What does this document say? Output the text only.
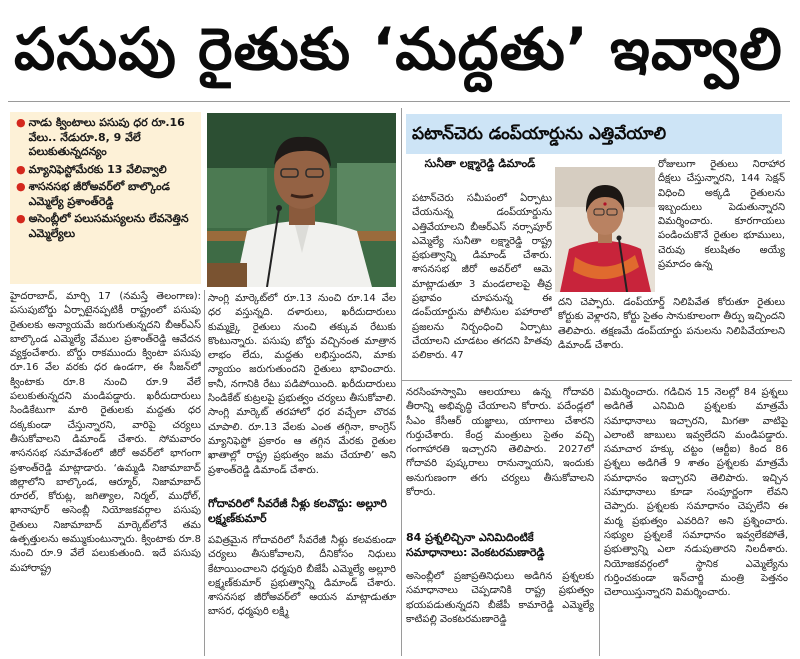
పసుపు రైతుకు ‘మద్దతు’ ఇవ్వాలి
● నాడు క్వింటాలు పసుపు ధర రూ.16 వేలు.. నేడురూ.8, 9 వేలే పలుకుతున్నదన్యం
● మ్యానిఫెస్టోమేరకు 13 వేలివ్వాలి
● శాసనసభ జీరోఅవర్‌లో బాల్కొండ ఎమ్మెల్యే ప్రశాంత్‌రెడ్డి
● అసెంబ్లీలో పలుసమస్యలను లేవనెత్తిన ఎమ్మెల్యేలు
పటాన్‌చెరు డంప్‌యార్డును ఎత్తివేయాలి
సునీతా లక్ష్మారెడ్డి డిమాండ్‌
పటాన్‌చెరు సమీపంలో ఏర్పాటు చేయనున్న డంప్‌యార్డును ఎత్తివేయాలని బీఆర్‌ఎస్‌ నర్సాపూర్‌ ఎమ్మెల్యే సునీతా లక్ష్మారెడ్డి రాష్ట్ర ప్రభుత్వాన్ని డిమాండ్‌ చేశారు. శాసనసభ జీరో అవర్‌లో ఆమె మాట్లాడుతూ 3 మండలాలపై తీవ్ర ప్రభావం చూపనున్న ఈ డంప్‌యార్డును పోలీసుల పహారాలో ప్రజలను నిర్బంధించి ఏర్పాటు చేయాలని చూడటం తగదని హితవు పలికారు. 47
రోజులుగా రైతులు నిరాహార దీక్షలు చేస్తున్నారని, 144 సెక్షన్‌ విధించి అక్కడి రైతులను ఇబ్బందులు పెడుతున్నారని విమర్శించారు. కూరగాయలు పండించుకొనే రైతుల భూములు, చెరువు కలుషితం అయ్యే ప్రమాదం ఉన్న
దని చెప్పారు. డంప్‌యార్డ్‌ నిలిపివేత కోరుతూ రైతులు కోర్టుకు వెళ్లారని, కోర్టు సైతం సానుకూలంగా తీర్పు ఇచ్చిందని తెలిపారు. తక్షణమే డంప్‌యార్డు పనులను నిలిపివేయాలని డిమాండ్‌ చేశారు.
హైదరాబాద్‌, మార్చి 17 (నమస్తే తెలంగాణ): పసుపుబోర్డు ఏర్పాటైనప్పటికీ రాష్ట్రంలో పసుపు రైతులకు అన్యాయమే జరుగుతున్నదని బీఆర్‌ఎస్‌ బాల్కొండ ఎమ్మెల్యే వేముల ప్రశాంత్‌రెడ్డి ఆవేదన వ్యక్తంచేశారు. బోర్డు రాకముందు క్వింటా పసుపు రూ.16 వేల వరకు ధర ఉండగా, ఈ సీజన్‌లో క్వింటాకు రూ.8 నుంచి రూ.9 వేలే పలుకుతున్నదని మండిపడ్డారు. ఖరీదుదారులు సిండికేటుగా మారి రైతులకు మద్దతు ధర దక్కకుండా చేస్తున్నారని, వారిపై చర్యలు తీసుకోవాలని డిమాండ్‌ చేశారు. సోమవారం శాసనసభ సమావేశంలో జీరో అవర్‌లో భాగంగా ప్రశాంత్‌రెడ్డి మాట్లాడారు. ‘ఉమ్మడి నిజామాబాద్‌ జిల్లాలోని బాల్కొండ, ఆర్మూర్‌, నిజామాబాద్‌ రూరల్‌, కోరుట్ల, జగిత్యాల, నిర్మల్‌, ముధోల్‌, ఖానాపూర్‌ అసెంబ్లీ నియోజకవర్గాల పసుపు రైతులు నిజామాబాద్‌ మార్కెట్‌లోనే తమ ఉత్పత్తులను అమ్ముకుంటున్నారు. క్వింటాకు రూ.8 నుంచి రూ.9 వేలే పలుకుతుంది. ఇదే పసుపు మహారాష్ట్ర
సాంగ్లి మార్కెట్‌లో రూ.13 నుంచి రూ.14 వేల ధర వస్తున్నది. దళారులు, ఖరీదుదారులు కుమ్మక్కై రైతులు నుంచి తక్కువ రేటుకు కొంటున్నారు. పసుపు బోర్డు వచ్చినంత మాత్రాన లాభం లేదు, మద్దతు లభిస్తుందని, మాకు న్యాయం జరుగుతుందని రైతులు భావించారు. కానీ, నగానికి రేటు పడిపోయింది. ఖరీదుదారులు సిండికేట్‌ కుట్రలపై ప్రభుత్వం చర్యలు తీసుకోవాలి. సాంగ్లి మార్కెట్‌ తరహాలో ధర వచ్చేలా చొరవ చూపాలి. రూ.13 వేలకు ఎంత తగ్గినా, కాంగ్రెస్‌ మ్యానిఫెస్టో ప్రకారం ఆ తగ్గిన మేరకు రైతుల ఖాతాల్లో రాష్ట్ర ప్రభుత్వం జమ చేయాలి’ అని ప్రశాంత్‌రెడ్డి డిమాండ్‌ చేశారు.
గోదావరిలో సీవరేజీ నీళ్లు కలవొద్దు: అల్లూరి లక్ష్మణ్‌కుమార్‌
పవిత్రమైన గోదావరిలో సీవరేజీ నీళ్లు కలవకుండా చర్యలు తీసుకోవాలని, దీనికోసం నిధులు కేటాయించాలని ధర్మపురి బీజేపీ ఎమ్మెల్యే అల్లూరి లక్ష్మణ్‌కుమార్‌ ప్రభుత్వాన్ని డిమాండ్‌ చేశారు. శాసనసభ జీరోఅవర్‌లో ఆయన మాట్లాడుతూ బాసర, ధర్మపురి లక్ష్మి
నరసింహస్వామి ఆలయాలు ఉన్న గోదావరి తీరాన్ని అభివృద్ధి చేయాలని కోరారు. పదేండ్లలో సీఎం కేసీఆర్‌ యజ్ఞాలు, యాగాలు చేశారని గుర్తుచేశారు. కేంద్ర మంత్రులు సైతం వచ్చి గంగాహారతి ఇచ్చారని తెలిపారు. 2027లో గోదావరి పుష్కరాలు రానున్నాయని, ఇందుకు అనుగుణంగా తగు చర్యలు తీసుకోవాలని కోరారు.
84 ప్రశ్నలిచ్చినా ఎనిమిదింటికే సమాధానాలు: వెంకటరమణారెడ్డి
అసెంబ్లీలో ప్రజాప్రతినిధులు అడిగిన ప్రశ్నలకు సమాధానాలు చెప్పడానికి రాష్ట్ర ప్రభుత్వం భయపడుతున్నదని బీజేపీ కామారెడ్డి ఎమ్మెల్యే కాటిపల్లి వెంకటరమణారెడ్డి
విమర్శించారు. గడిచిన 15 నెలల్లో 84 ప్రశ్నలు అడిగితే ఎనిమిది ప్రశ్నలకు మాత్రమే సమాధానాలు ఇచ్చారని, మిగతా వాటిపై ఎలాంటి జాబులు ఇవ్వలేదని మండిపడ్డారు. సమాచార హక్కు చట్టం (ఆర్టీఐ) కింద 86 ప్రశ్నలు అడిగితే 9 శాతం ప్రశ్నలకు మాత్రమే సమాధానం ఇచ్చారని తెలిపారు. ఇచ్చిన సమాధానాలు కూడా సంపూర్ణంగా లేవని చెప్పారు. ప్రశ్నలకు సమాధానం చెప్పలేని ఈ మర్మ ప్రభుత్వం ఎవరిది? అని ప్రశ్నించారు. సభ్యుల ప్రశ్నలకే సమాధానం ఇవ్వలేకపోతే, ప్రభుత్వాన్ని ఎలా నడుపుతారని నిలదీశారు. నియోజకవర్గంలో స్థానిక ఎమ్మెల్యేను గుర్తించకుండా ఇన్‌చార్జి మంత్రి పెత్తనం చెలాయిస్తున్నారని విమర్శించారు.
